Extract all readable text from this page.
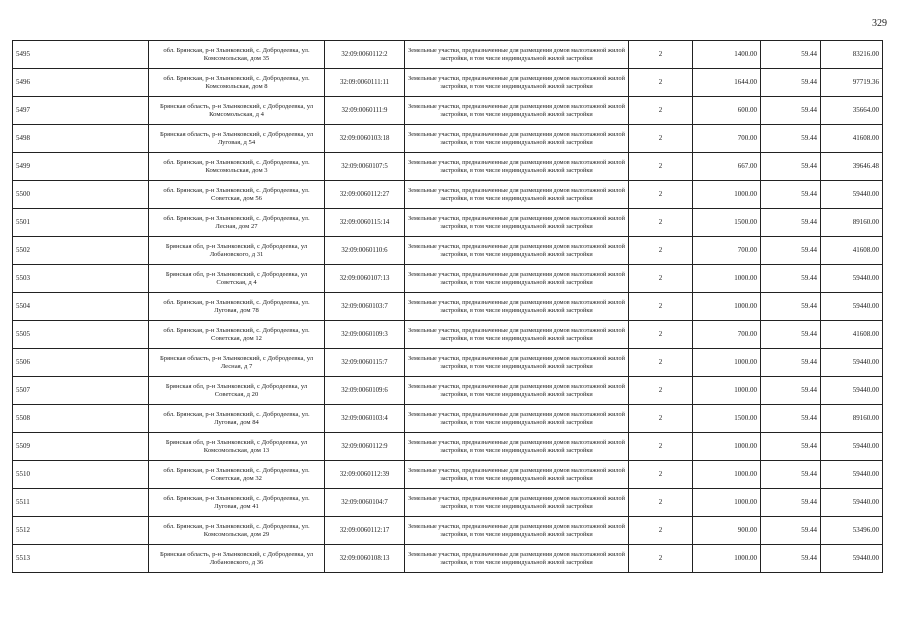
329
5495	обл. Брянская, р-н Злынковский, с. Добродеевка, ул. Комсомольская, дом 35	32:09:0060112:2	Земельные участки, предназначенные для размещения домов малоэтажной жилой застройки, в том числе индивидуальной жилой застройки	2	1400.00	59.44	83216.00
5496	обл. Брянская, р-н Злынковский, с. Добродеевка, ул. Комсомольская, дом 8	32:09:0060111:11	Земельные участки, предназначенные для размещения домов малоэтажной жилой застройки, в том числе индивидуальной жилой застройки	2	1644.00	59.44	97719.36
5497	Брянская область, р-н Злынковский, с Добродеевка, ул Комсомольская, д 4	32:09:0060111:9	Земельные участки, предназначенные для размещения домов малоэтажной жилой застройки, в том числе индивидуальной жилой застройки	2	600.00	59.44	35664.00
5498	Брянская область, р-н Злынковский, с Добродеевка, ул Луговая, д 54	32:09:0060103:18	Земельные участки, предназначенные для размещения домов малоэтажной жилой застройки, в том числе индивидуальной жилой застройки	2	700.00	59.44	41608.00
5499	обл. Брянская, р-н Злынковский, с. Добродеевка, ул. Комсомольская, дом 3	32:09:0060107:5	Земельные участки, предназначенные для размещения домов малоэтажной жилой застройки, в том числе индивидуальной жилой застройки	2	667.00	59.44	39646.48
5500	обл. Брянская, р-н Злынковский, с. Добродеевка, ул. Советская, дом 56	32:09:0060112:27	Земельные участки, предназначенные для размещения домов малоэтажной жилой застройки, в том числе индивидуальной жилой застройки	2	1000.00	59.44	59440.00
5501	обл. Брянская, р-н Злынковский, с. Добродеевка, ул. Лесная, дом 27	32:09:0060115:14	Земельные участки, предназначенные для размещения домов малоэтажной жилой застройки, в том числе индивидуальной жилой застройки	2	1500.00	59.44	89160.00
5502	Брянская обл, р-н Злынковский, с Добродеевка, ул Лобановского, д 31	32:09:0060110:6	Земельные участки, предназначенные для размещения домов малоэтажной жилой застройки, в том числе индивидуальной жилой застройки	2	700.00	59.44	41608.00
5503	Брянская обл, р-н Злынковский, с Добродеевка, ул Советская, д 4	32:09:0060107:13	Земельные участки, предназначенные для размещения домов малоэтажной жилой застройки, в том числе индивидуальной жилой застройки	2	1000.00	59.44	59440.00
5504	обл. Брянская, р-н Злынковский, с. Добродеевка, ул. Луговая, дом 78	32:09:0060103:7	Земельные участки, предназначенные для размещения домов малоэтажной жилой застройки, в том числе индивидуальной жилой застройки	2	1000.00	59.44	59440.00
5505	обл. Брянская, р-н Злынковский, с. Добродеевка, ул. Советская, дом 12	32:09:0060109:3	Земельные участки, предназначенные для размещения домов малоэтажной жилой застройки, в том числе индивидуальной жилой застройки	2	700.00	59.44	41608.00
5506	Брянская область, р-н Злынковский, с Добродеевка, ул Лесная, д 7	32:09:0060115:7	Земельные участки, предназначенные для размещения домов малоэтажной жилой застройки, в том числе индивидуальной жилой застройки	2	1000.00	59.44	59440.00
5507	Брянская обл, р-н Злынковский, с Добродеевка, ул Советская, д 20	32:09:0060109:6	Земельные участки, предназначенные для размещения домов малоэтажной жилой застройки, в том числе индивидуальной жилой застройки	2	1000.00	59.44	59440.00
5508	обл. Брянская, р-н Злынковский, с. Добродеевка, ул. Луговая, дом 84	32:09:0060103:4	Земельные участки, предназначенные для размещения домов малоэтажной жилой застройки, в том числе индивидуальной жилой застройки	2	1500.00	59.44	89160.00
5509	Брянская обл, р-н Злынковский, с Добродеевка, ул Комсомольская, дом 13	32:09:0060112:9	Земельные участки, предназначенные для размещения домов малоэтажной жилой застройки, в том числе индивидуальной жилой застройки	2	1000.00	59.44	59440.00
5510	обл. Брянская, р-н Злынковский, с. Добродеевка, ул. Советская, дом 32	32:09:0060112:39	Земельные участки, предназначенные для размещения домов малоэтажной жилой застройки, в том числе индивидуальной жилой застройки	2	1000.00	59.44	59440.00
5511	обл. Брянская, р-н Злынковский, с. Добродеевка, ул. Луговая, дом 41	32:09:0060104:7	Земельные участки, предназначенные для размещения домов малоэтажной жилой застройки, в том числе индивидуальной жилой застройки	2	1000.00	59.44	59440.00
5512	обл. Брянская, р-н Злынковский, с. Добродеевка, ул. Комсомольская, дом 29	32:09:0060112:17	Земельные участки, предназначенные для размещения домов малоэтажной жилой застройки, в том числе индивидуальной жилой застройки	2	900.00	59.44	53496.00
5513	Брянская область, р-н Злынковский, с Добродеевка, ул Лобановского, д 36	32:09:0060108:13	Земельные участки, предназначенные для размещения домов малоэтажной жилой застройки, в том числе индивидуальной жилой застройки	2	1000.00	59.44	59440.00
